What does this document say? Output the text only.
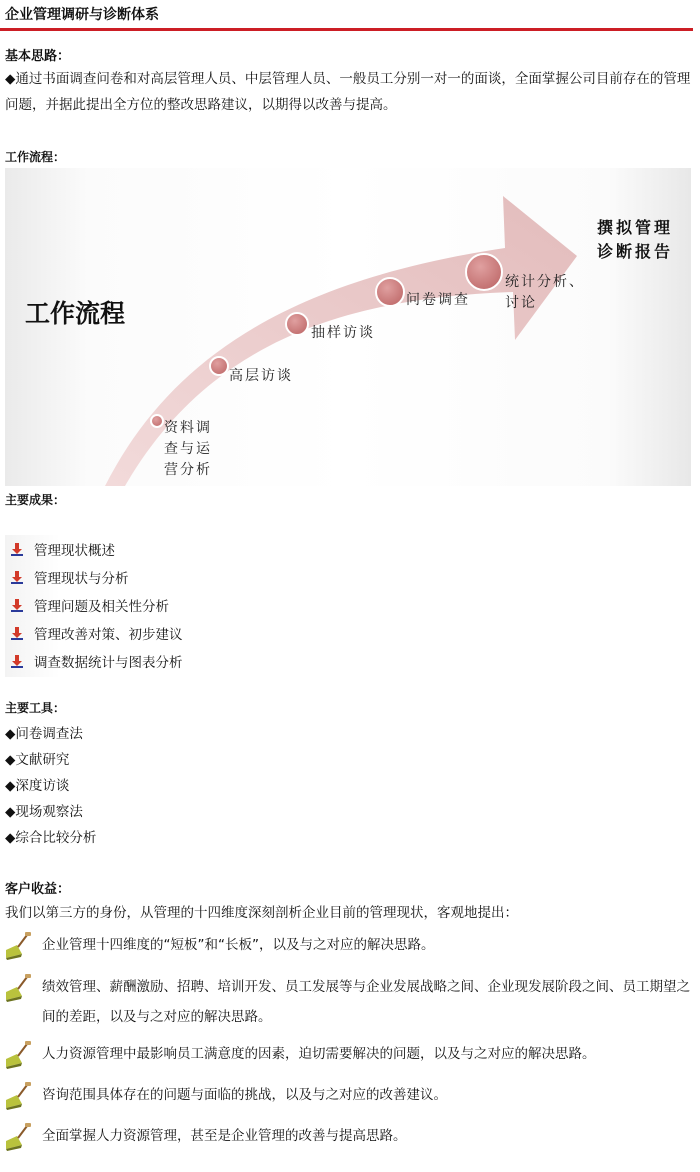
企业管理调研与诊断体系
基本思路：
◆通过书面调查问卷和对高层管理人员、中层管理人员、一般员工分别一对一的面谈，全面掌握公司目前存在的管理问题，并据此提出全方位的整改思路建议，以期得以改善与提高。
工作流程：
工作流程
资料调
查与运
营分析
高层访谈
抽样访谈
问卷调查
统计分析、
讨论
撰拟管理
诊断报告
主要成果：
管理现状概述
管理现状与分析
管理问题及相关性分析
管理改善对策、初步建议
调查数据统计与图表分析
主要工具：
◆问卷调查法
◆文献研究
◆深度访谈
◆现场观察法
◆综合比较分析
客户收益：
我们以第三方的身份，从管理的十四维度深刻剖析企业目前的管理现状，客观地提出：
企业管理十四维度的“短板”和“长板”，以及与之对应的解决思路。
绩效管理、薪酬激励、招聘、培训开发、员工发展等与企业发展战略之间、企业现发展阶段之间、员工期望之间的差距，以及与之对应的解决思路。
人力资源管理中最影响员工满意度的因素，迫切需要解决的问题，以及与之对应的解决思路。
咨询范围具体存在的问题与面临的挑战，以及与之对应的改善建议。
全面掌握人力资源管理，甚至是企业管理的改善与提高思路。
